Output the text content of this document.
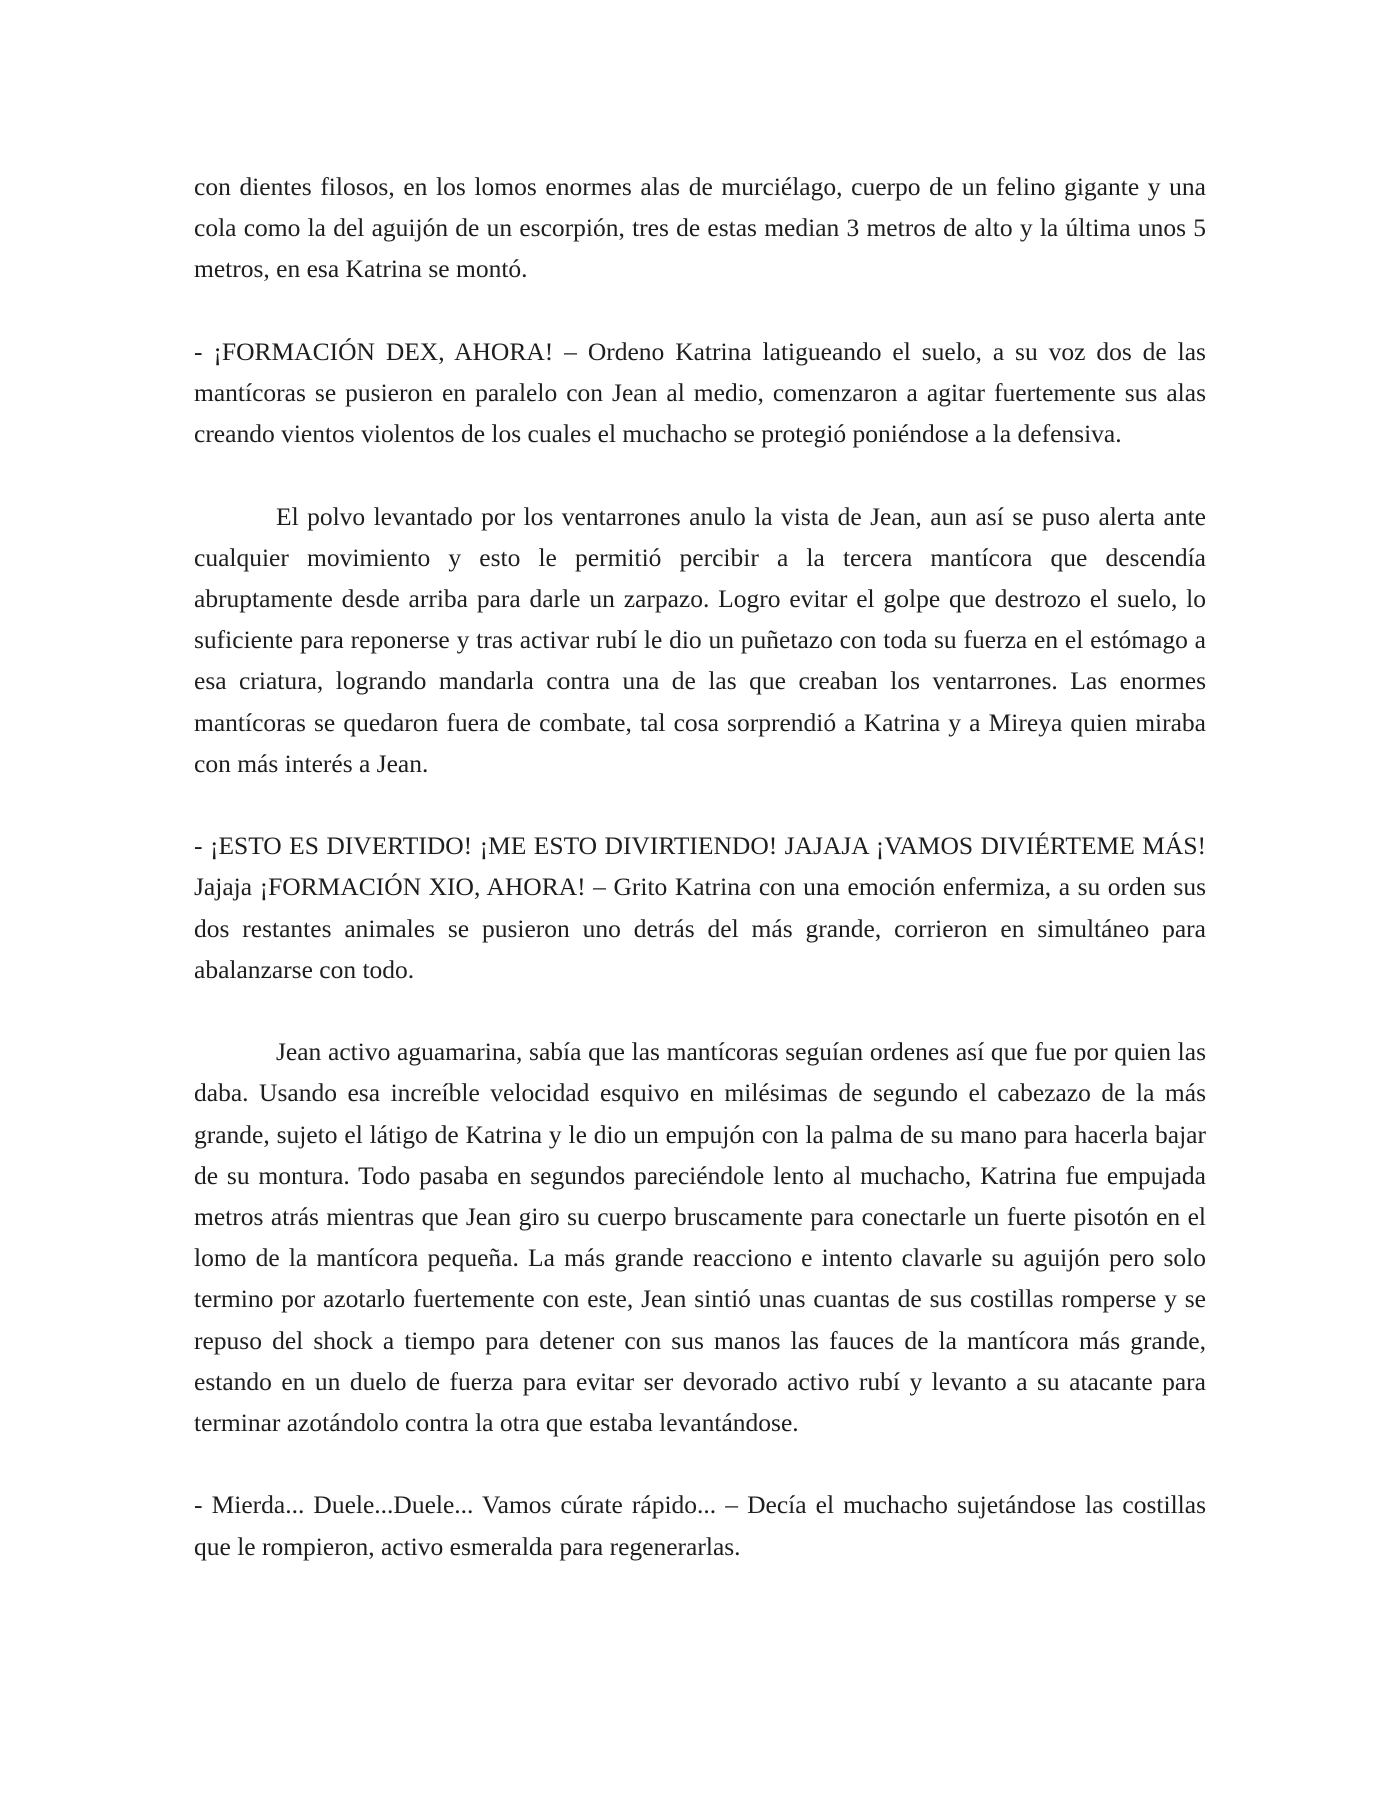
con dientes filosos, en los lomos enormes alas de murciélago, cuerpo de un felino gigante y una cola como la del aguijón de un escorpión, tres de estas median 3 metros de alto y la última unos 5 metros, en esa Katrina se montó.

- ¡FORMACIÓN DEX, AHORA! – Ordeno Katrina latigueando el suelo, a su voz dos de las mantícoras se pusieron en paralelo con Jean al medio, comenzaron a agitar fuertemente sus alas creando vientos violentos de los cuales el muchacho se protegió poniéndose a la defensiva.

El polvo levantado por los ventarrones anulo la vista de Jean, aun así se puso alerta ante cualquier movimiento y esto le permitió percibir a la tercera mantícora que descendía abruptamente desde arriba para darle un zarpazo. Logro evitar el golpe que destrozo el suelo, lo suficiente para reponerse y tras activar rubí le dio un puñetazo con toda su fuerza en el estómago a esa criatura, logrando mandarla contra una de las que creaban los ventarrones. Las enormes mantícoras se quedaron fuera de combate, tal cosa sorprendió a Katrina y a Mireya quien miraba con más interés a Jean.

- ¡ESTO ES DIVERTIDO! ¡ME ESTO DIVIRTIENDO! JAJAJA ¡VAMOS DIVIÉRTEME MÁS! Jajaja ¡FORMACIÓN XIO, AHORA! – Grito Katrina con una emoción enfermiza, a su orden sus dos restantes animales se pusieron uno detrás del más grande, corrieron en simultáneo para abalanzarse con todo.

Jean activo aguamarina, sabía que las mantícoras seguían ordenes así que fue por quien las daba. Usando esa increíble velocidad esquivo en milésimas de segundo el cabezazo de la más grande, sujeto el látigo de Katrina y le dio un empujón con la palma de su mano para hacerla bajar de su montura. Todo pasaba en segundos pareciéndole lento al muchacho, Katrina fue empujada metros atrás mientras que Jean giro su cuerpo bruscamente para conectarle un fuerte pisotón en el lomo de la mantícora pequeña. La más grande reacciono e intento clavarle su aguijón pero solo termino por azotarlo fuertemente con este, Jean sintió unas cuantas de sus costillas romperse y se repuso del shock a tiempo para detener con sus manos las fauces de la mantícora más grande, estando en un duelo de fuerza para evitar ser devorado activo rubí y levanto a su atacante para terminar azotándolo contra la otra que estaba levantándose.

- Mierda... Duele...Duele... Vamos cúrate rápido... – Decía el muchacho sujetándose las costillas que le rompieron, activo esmeralda para regenerarlas.
